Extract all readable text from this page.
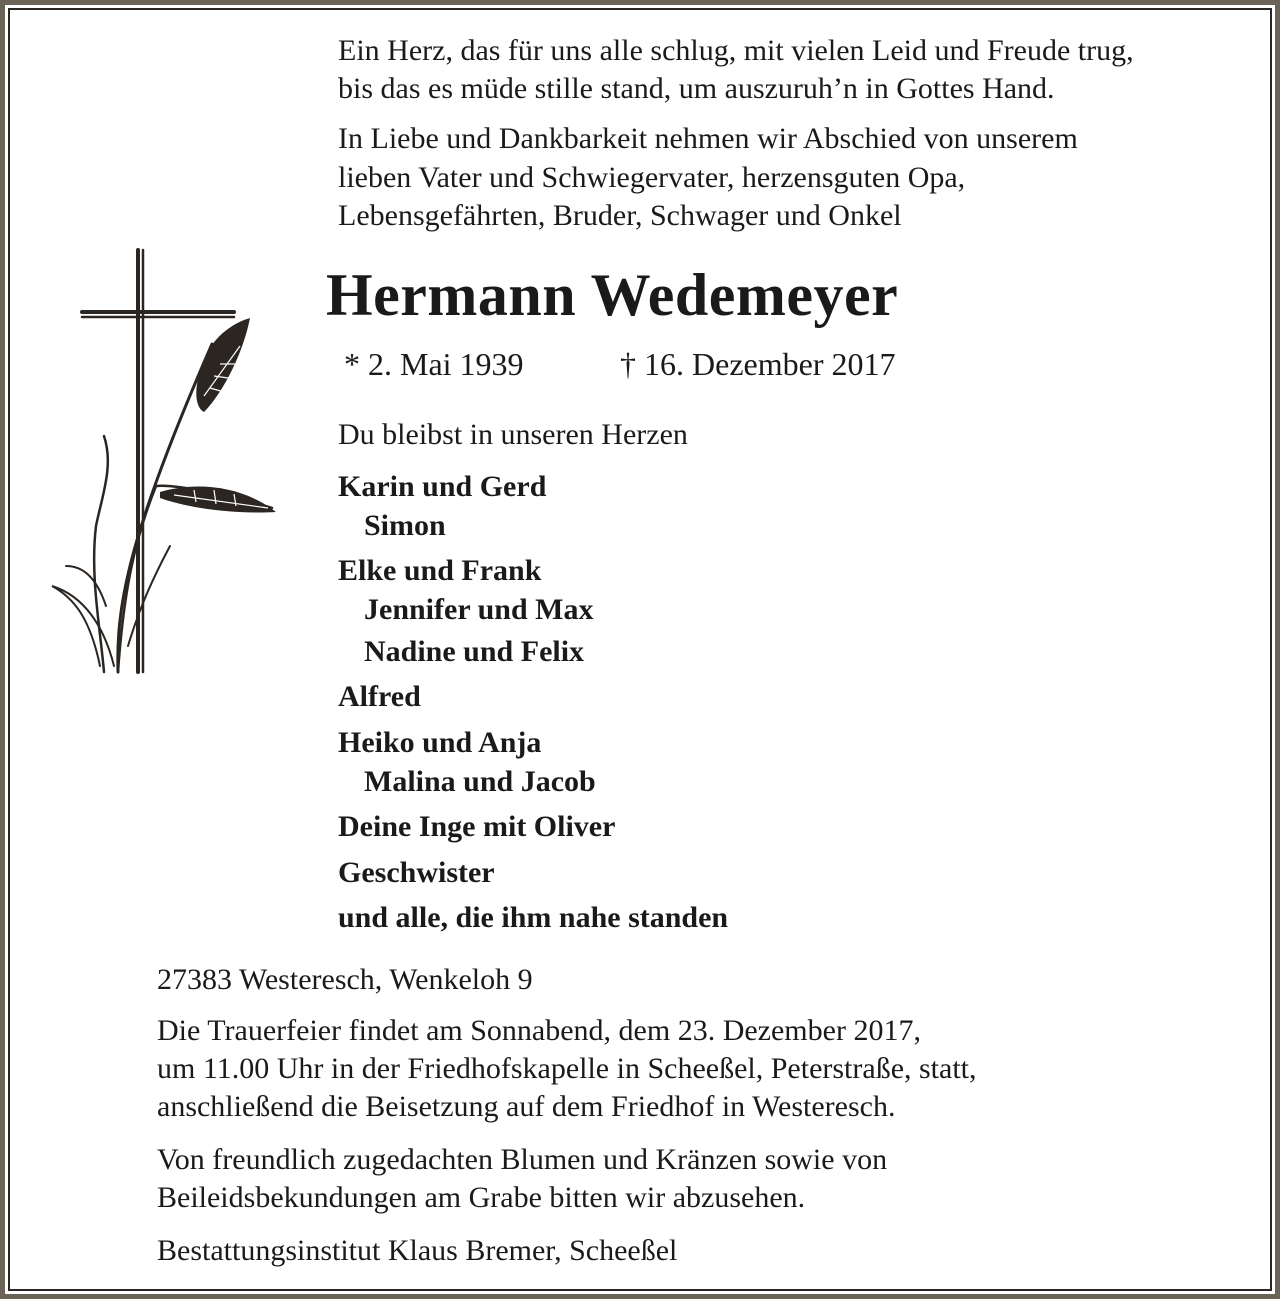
Ein Herz, das für uns alle schlug, mit vielen Leid und Freude trug,
bis das es müde stille stand, um auszuruh’n in Gottes Hand.
In Liebe und Dankbarkeit nehmen wir Abschied von unserem
lieben Vater und Schwiegervater, herzensguten Opa,
Lebensgefährten, Bruder, Schwager und Onkel
Hermann Wedemeyer
* 2. Mai 1939	† 16. Dezember 2017
Du bleibst in unseren Herzen
Karin und Gerd
Simon
Elke und Frank
Jennifer und Max
Nadine und Felix
Alfred
Heiko und Anja
Malina und Jacob
Deine Inge mit Oliver
Geschwister
und alle, die ihm nahe standen
27383 Westeresch, Wenkeloh 9
Die Trauerfeier findet am Sonnabend, dem 23. Dezember 2017,
um 11.00 Uhr in der Friedhofskapelle in Scheeßel, Peterstraße, statt,
anschließend die Beisetzung auf dem Friedhof in Westeresch.
Von freundlich zugedachten Blumen und Kränzen sowie von
Beileidsbekundungen am Grabe bitten wir abzusehen.
Bestattungsinstitut Klaus Bremer, Scheeßel
